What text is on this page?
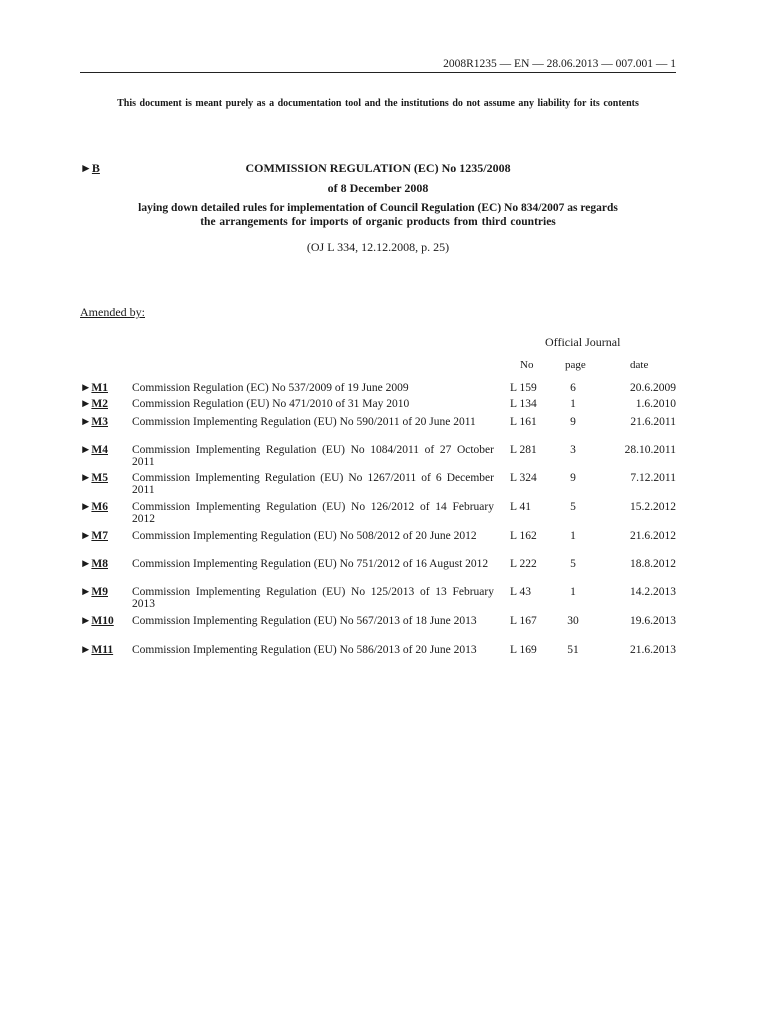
2008R1235 — EN — 28.06.2013 — 007.001 — 1
This document is meant purely as a documentation tool and the institutions do not assume any liability for its contents
►B	COMMISSION REGULATION (EC) No 1235/2008
of 8 December 2008
laying down detailed rules for implementation of Council Regulation (EC) No 834/2007 as regards
the arrangements for imports of organic products from third countries
(OJ L 334, 12.12.2008, p. 25)
Amended by:
Official Journal
No	page	date
►M1 Commission Regulation (EC) No 537/2009 of 19 June 2009	L 159	6	20.6.2009
►M2 Commission Regulation (EU) No 471/2010 of 31 May 2010	L 134	1	1.6.2010
►M3 Commission Implementing Regulation (EU) No 590/2011 of 20 June 2011	L 161	9	21.6.2011
►M4 Commission Implementing Regulation (EU) No 1084/2011 of 27 October 2011
L 281	3	28.10.2011
►M5 Commission Implementing Regulation (EU) No 1267/2011 of 6 December 2011
L 324	9	7.12.2011
►M6 Commission Implementing Regulation (EU) No 126/2012 of 14 February 2012
L 41	5	15.2.2012
►M7 Commission Implementing Regulation (EU) No 508/2012 of 20 June 2012	L 162	1	21.6.2012
►M8 Commission Implementing Regulation (EU) No 751/2012 of 16 August 2012	L 222	5	18.8.2012
►M9 Commission Implementing Regulation (EU) No 125/2013 of 13 February 2013
L 43	1	14.2.2013
►M10 Commission Implementing Regulation (EU) No 567/2013 of 18 June 2013	L 167	30	19.6.2013
►M11 Commission Implementing Regulation (EU) No 586/2013 of 20 June 2013	L 169	51	21.6.2013
